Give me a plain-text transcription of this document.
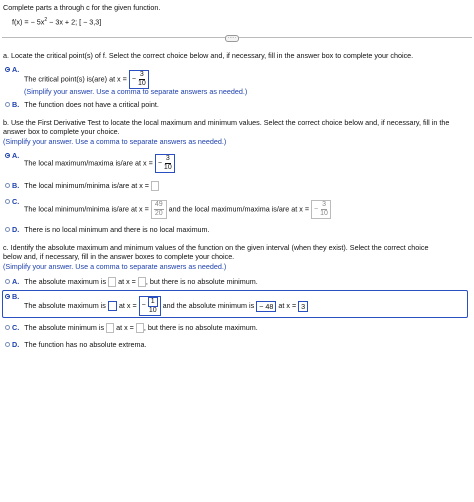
Complete parts a through c for the given function.
f(x) = − $5x^2 - 3x + 2$; [ − 3,3]
·····
a. Locate the critical point(s) of f. Select the correct choice below and, if necessary, fill in the answer box to complete your choice.
A.
The critical point(s) is(are) at x = − $\frac{3}{10}$
(Simplify your answer. Use a comma to separate answers as needed.)
B. The function does not have a critical point.
b. Use the First Derivative Test to locate the local maximum and minimum values. Select the correct choice below and, if necessary, fill in the
answer box to complete your choice.
(Simplify your answer. Use a comma to separate answers as needed.)
A.
The local maximum/maxima is/are at x = − $\frac{3}{10}$
B. The local minimum/minima is/are at x =
C.
The local minimum/minima is/are at $x = \frac{49}{20}$ and the local maximum/maxima is/are at x = − $\frac{3}{10}$
D. There is no local minimum and there is no local maximum.
c. Identify the absolute maximum and minimum values of the function on the given interval (when they exist). Select the correct choice
below and, if necessary, fill in the answer boxes to complete your choice.
(Simplify your answer. Use a comma to separate answers as needed.)
A. The absolute maximum is at x = , but there is no absolute minimum.
B.
The absolute maximum is at x = − $\frac{1}{10}$ and the absolute minimum is − 48 at x = 3
C. The absolute minimum is at x = , but there is no absolute maximum.
D. The function has no absolute extrema.
